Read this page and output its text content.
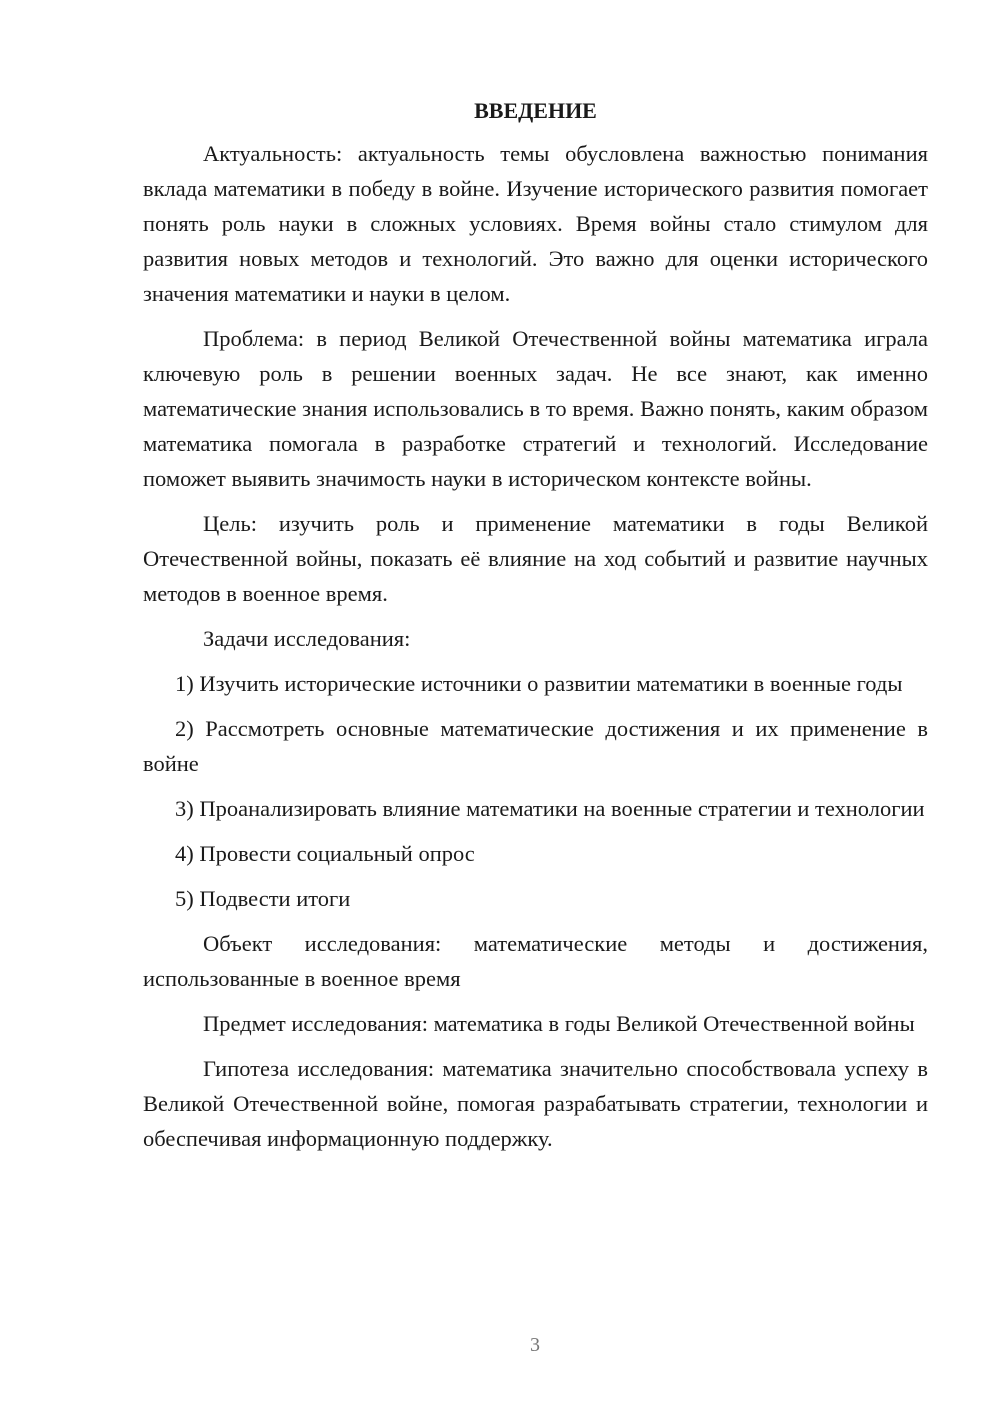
ВВЕДЕНИЕ

Актуальность: актуальность темы обусловлена важностью понимания вклада математики в победу в войне. Изучение исторического развития помогает понять роль науки в сложных условиях. Время войны стало стимулом для развития новых методов и технологий. Это важно для оценки исторического значения математики и науки в целом.

Проблема: в период Великой Отечественной войны математика играла ключевую роль в решении военных задач. Не все знают, как именно математические знания использовались в то время. Важно понять, каким образом математика помогала в разработке стратегий и технологий. Исследование поможет выявить значимость науки в историческом контексте войны.

Цель: изучить роль и применение математики в годы Великой Отечественной войны, показать её влияние на ход событий и развитие научных методов в военное время.

Задачи исследования:

1) Изучить исторические источники о развитии математики в военные годы

2) Рассмотреть основные математические достижения и их применение в войне

3) Проанализировать влияние математики на военные стратегии и технологии

4) Провести социальный опрос

5) Подвести итоги

Объект исследования: математические методы и достижения, использованные в военное время

Предмет исследования: математика в годы Великой Отечественной войны

Гипотеза исследования: математика значительно способствовала успеху в Великой Отечественной войне, помогая разрабатывать стратегии, технологии и обеспечивая информационную поддержку.

3
